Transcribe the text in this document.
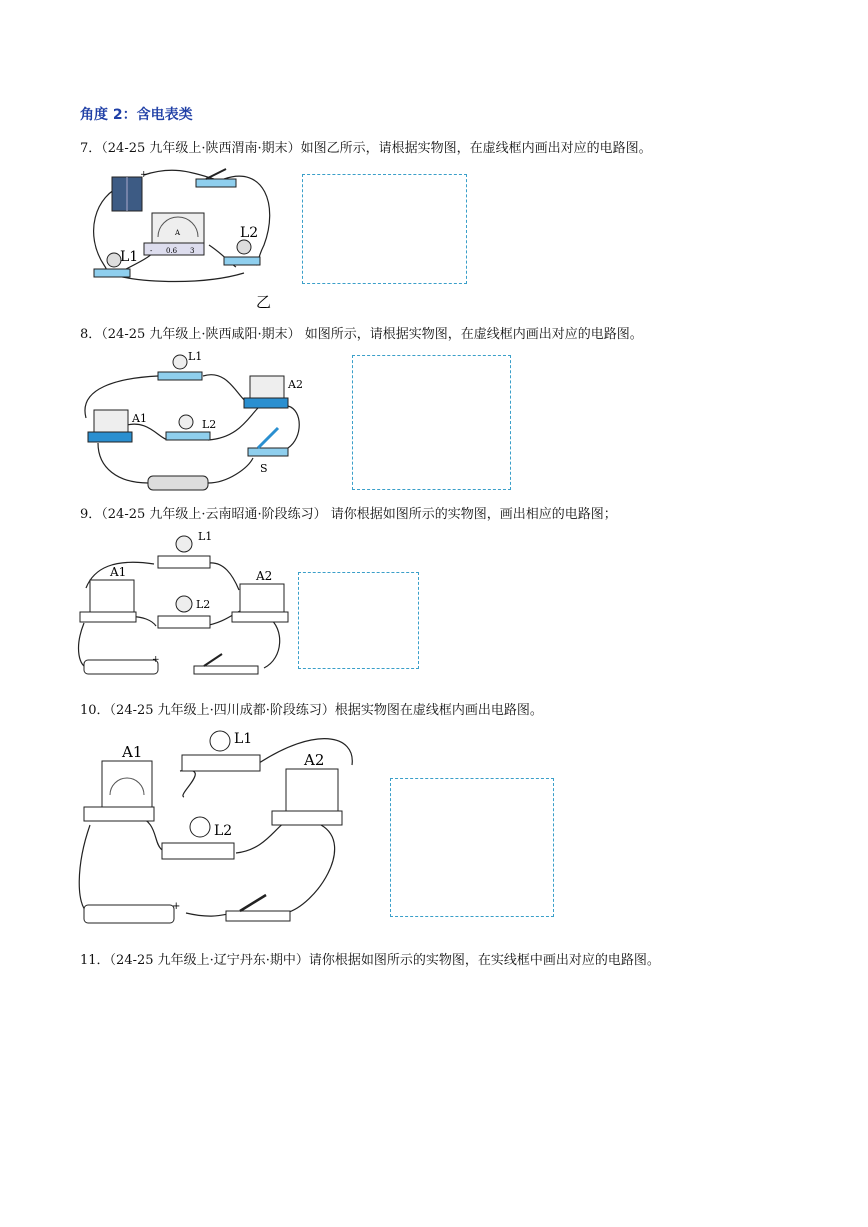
角度 2：含电表类
7．（24-25 九年级上·陕西渭南·期末）如图乙所示，请根据实物图，在虚线框内画出对应的电路图。
+
A
- 0.6 3
L1
L2
乙
8．（24-25 九年级上·陕西咸阳·期末） 如图所示，请根据实物图，在虚线框内画出对应的电路图。
L1
A2
A1	L2
S
9．（24-25 九年级上·云南昭通·阶段练习） 请你根据如图所示的实物图，画出相应的电路图；
L1
A1
L2
A2
+
10．（24-25 九年级上·四川成都·阶段练习）根据实物图在虚线框内画出电路图。
A1
L1
A2
L2
+
11．（24-25 九年级上·辽宁丹东·期中）请你根据如图所示的实物图，在实线框中画出对应的电路图。
